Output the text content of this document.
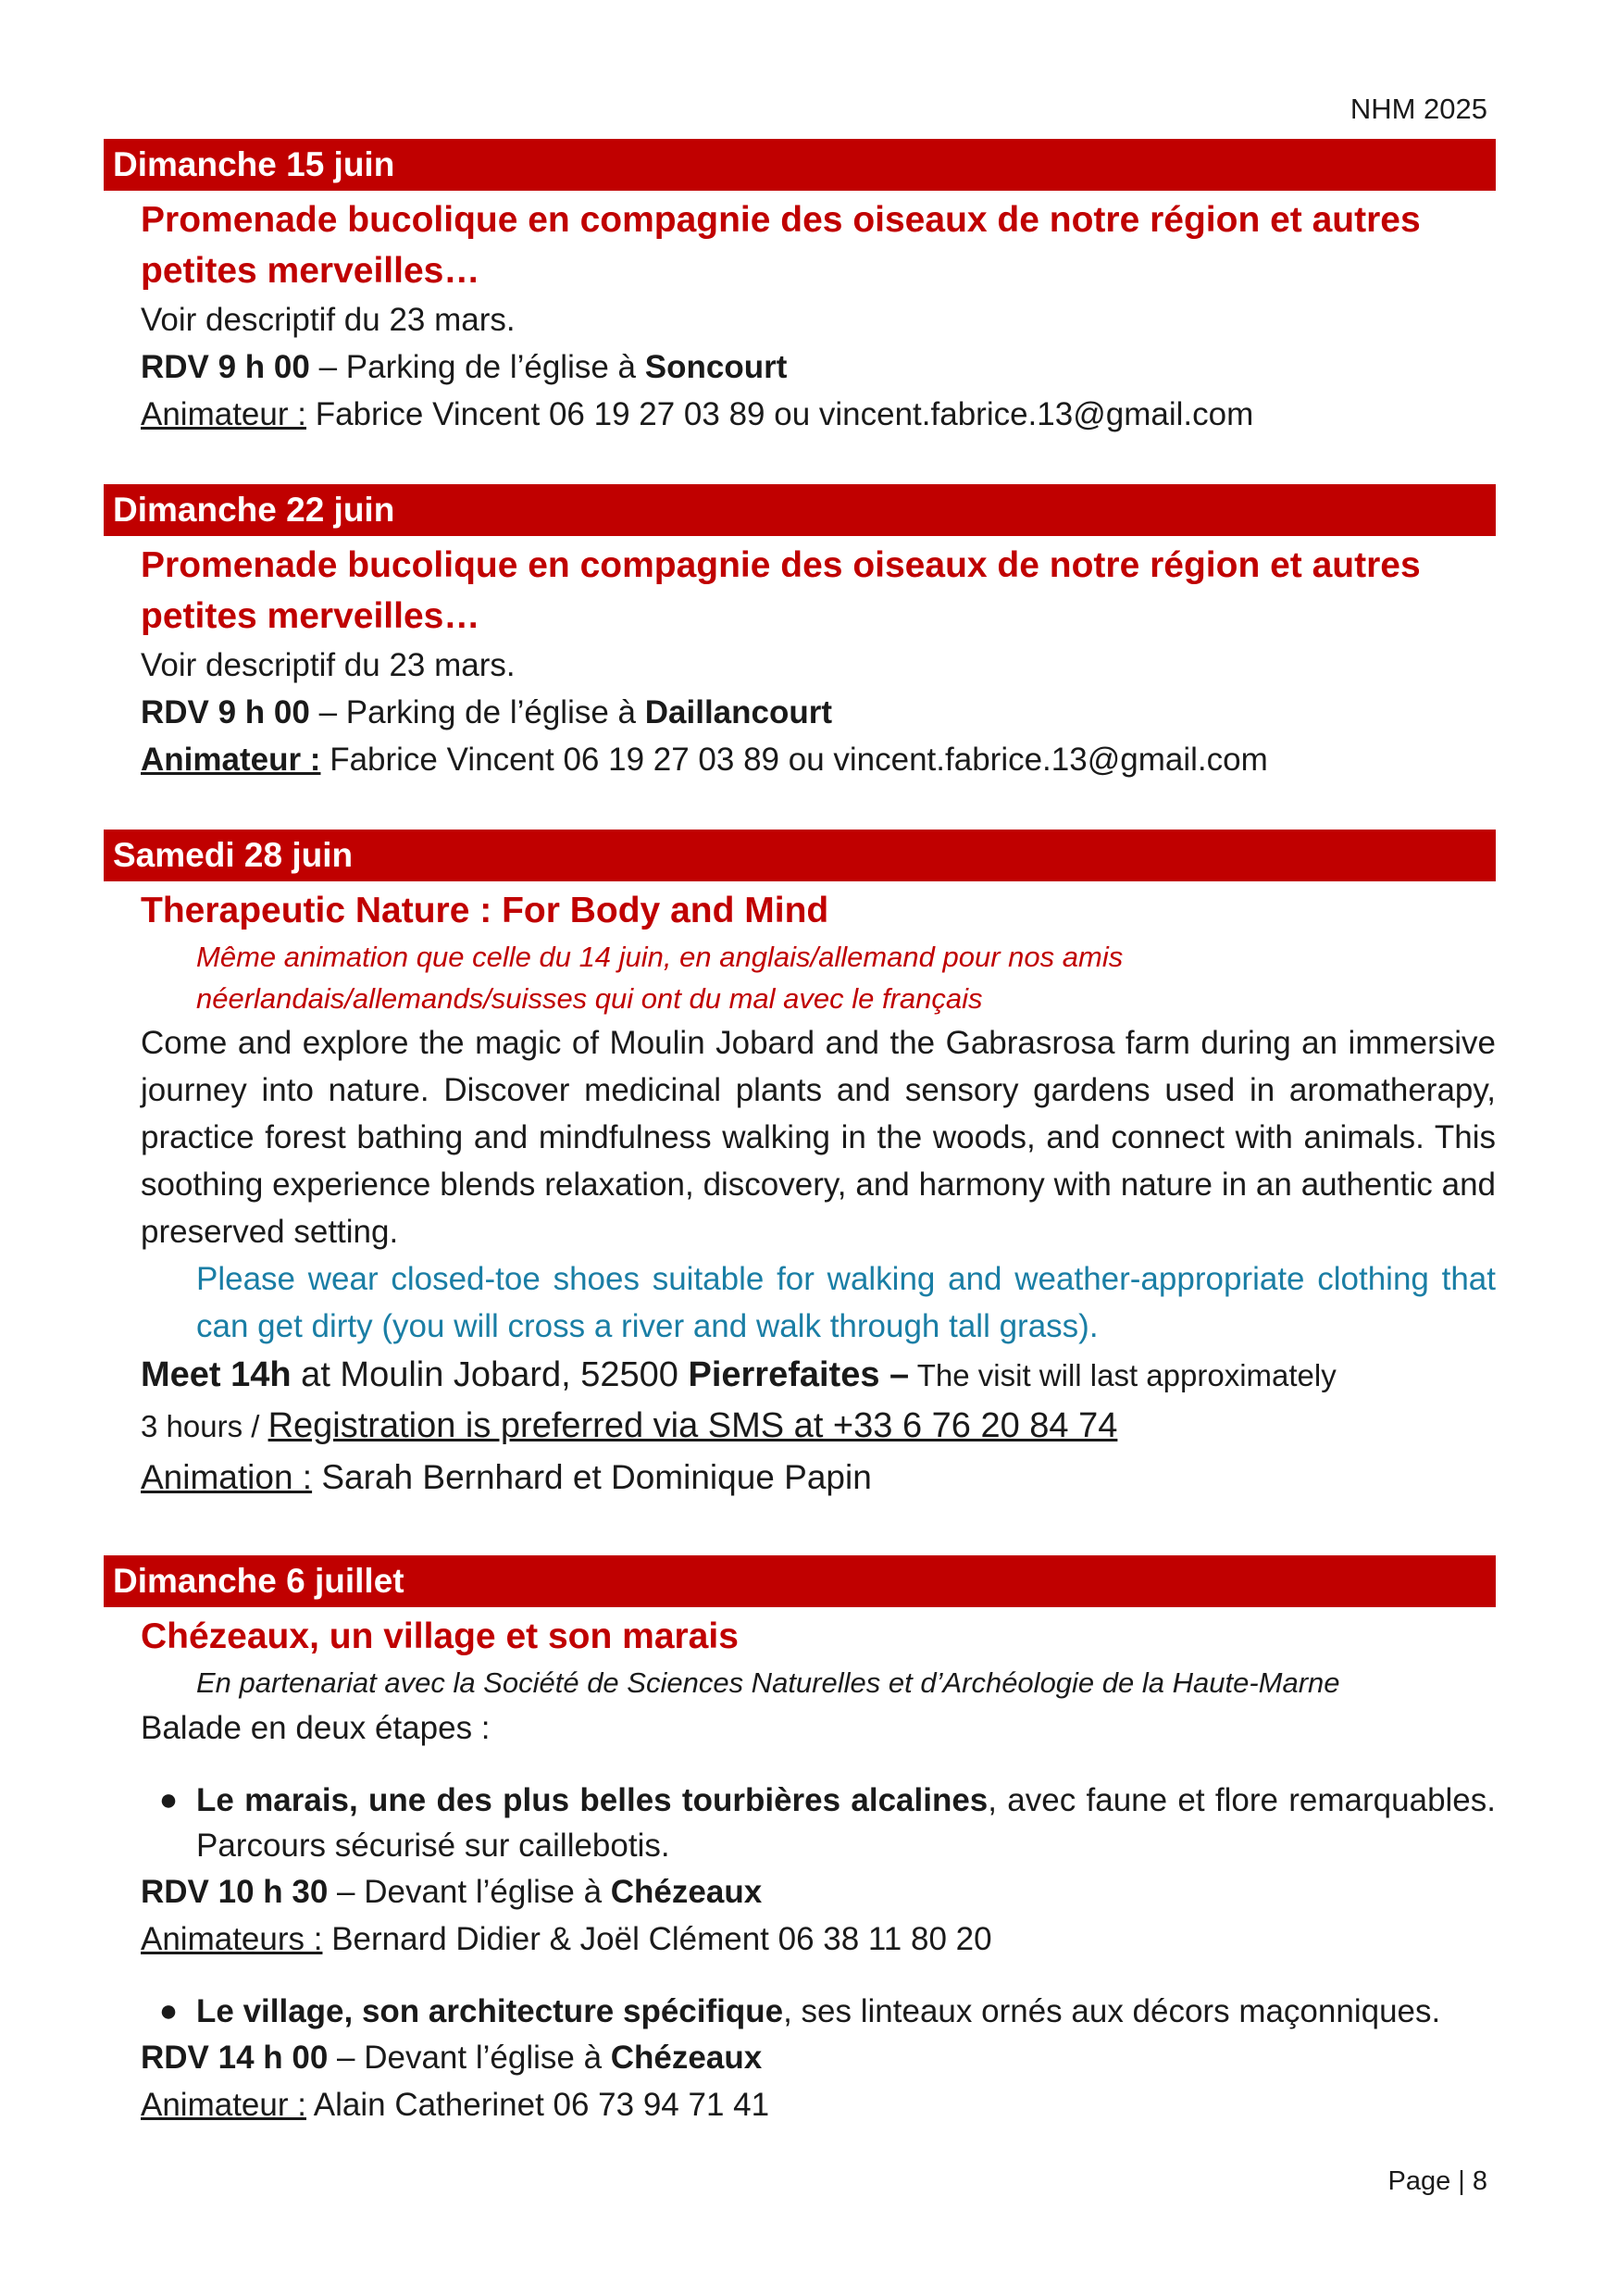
NHM 2025
Dimanche 15 juin
Promenade bucolique en compagnie des oiseaux de notre région et autres
petites merveilles…
Voir descriptif du 23 mars.
RDV 9 h 00 – Parking de l’église à Soncourt
Animateur : Fabrice Vincent 06 19 27 03 89 ou vincent.fabrice.13@gmail.com
Dimanche 22 juin
Promenade bucolique en compagnie des oiseaux de notre région et autres
petites merveilles…
Voir descriptif du 23 mars.
RDV 9 h 00 – Parking de l’église à Daillancourt
Animateur : Fabrice Vincent 06 19 27 03 89 ou vincent.fabrice.13@gmail.com
Samedi 28 juin
Therapeutic Nature : For Body and Mind
Même animation que celle du 14 juin, en anglais/allemand pour nos amis
néerlandais/allemands/suisses qui ont du mal avec le français
Come and explore the magic of Moulin Jobard and the Gabrasrosa farm during an immersive journey into nature. Discover medicinal plants and sensory gardens used in aromatherapy, practice forest bathing and mindfulness walking in the woods, and connect with animals. This soothing experience blends relaxation, discovery, and harmony with nature in an authentic and preserved setting.
Please wear closed-toe shoes suitable for walking and weather-appropriate clothing that can get dirty (you will cross a river and walk through tall grass).
Meet 14h at Moulin Jobard, 52500 Pierrefaites – The visit will last approximately
3 hours / Registration is preferred via SMS at +33 6 76 20 84 74
Animation : Sarah Bernhard et Dominique Papin
Dimanche 6 juillet
Chézeaux, un village et son marais
En partenariat avec la Société de Sciences Naturelles et d’Archéologie de la Haute-Marne
Balade en deux étapes :
● Le marais, une des plus belles tourbières alcalines, avec faune et flore remarquables. Parcours sécurisé sur caillebotis.
RDV 10 h 30 – Devant l’église à Chézeaux
Animateurs : Bernard Didier & Joël Clément 06 38 11 80 20
● Le village, son architecture spécifique, ses linteaux ornés aux décors maçonniques.
RDV 14 h 00 – Devant l’église à Chézeaux
Animateur : Alain Catherinet 06 73 94 71 41
Page | 8
